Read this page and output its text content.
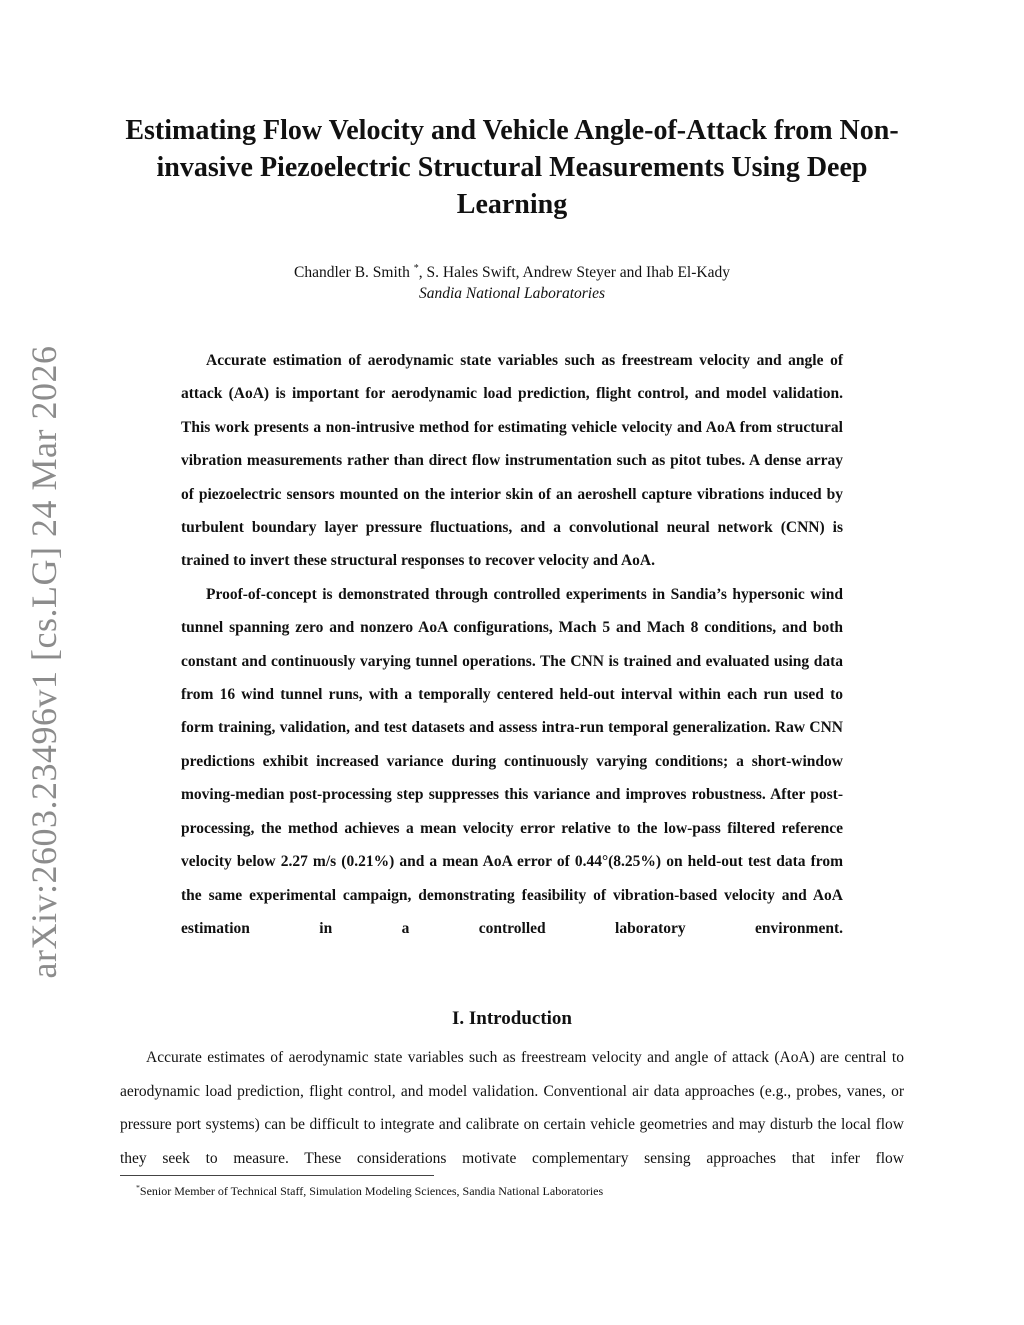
arXiv:2603.23496v1 [cs.LG] 24 Mar 2026
Estimating Flow Velocity and Vehicle Angle-of-Attack from Non-invasive Piezoelectric Structural Measurements Using Deep Learning
Chandler B. Smith *, S. Hales Swift, Andrew Steyer and Ihab El-Kady
Sandia National Laboratories

Accurate estimation of aerodynamic state variables such as freestream velocity and angle of attack (AoA) is important for aerodynamic load prediction, flight control, and model validation. This work presents a non-intrusive method for estimating vehicle velocity and AoA from structural vibration measurements rather than direct flow instrumentation such as pitot tubes. A dense array of piezoelectric sensors mounted on the interior skin of an aeroshell capture vibrations induced by turbulent boundary layer pressure fluctuations, and a convolutional neural network (CNN) is trained to invert these structural responses to recover velocity and AoA.

Proof-of-concept is demonstrated through controlled experiments in Sandia’s hypersonic wind tunnel spanning zero and nonzero AoA configurations, Mach 5 and Mach 8 conditions, and both constant and continuously varying tunnel operations. The CNN is trained and evaluated using data from 16 wind tunnel runs, with a temporally centered held-out interval within each run used to form training, validation, and test datasets and assess intra-run temporal generalization. Raw CNN predictions exhibit increased variance during continuously varying conditions; a short-window moving-median post-processing step suppresses this variance and improves robustness. After post-processing, the method achieves a mean velocity error relative to the low-pass filtered reference velocity below 2.27 m/s (0.21%) and a mean AoA error of 0.44°(8.25%) on held-out test data from the same experimental campaign, demonstrating feasibility of vibration-based velocity and AoA estimation in a controlled laboratory environment.

I. Introduction

Accurate estimates of aerodynamic state variables such as freestream velocity and angle of attack (AoA) are central to aerodynamic load prediction, flight control, and model validation. Conventional air data approaches (e.g., probes, vanes, or pressure port systems) can be difficult to integrate and calibrate on certain vehicle geometries and may disturb the local flow they seek to measure. These considerations motivate complementary sensing approaches that infer flow

*Senior Member of Technical Staff, Simulation Modeling Sciences, Sandia National Laboratories
